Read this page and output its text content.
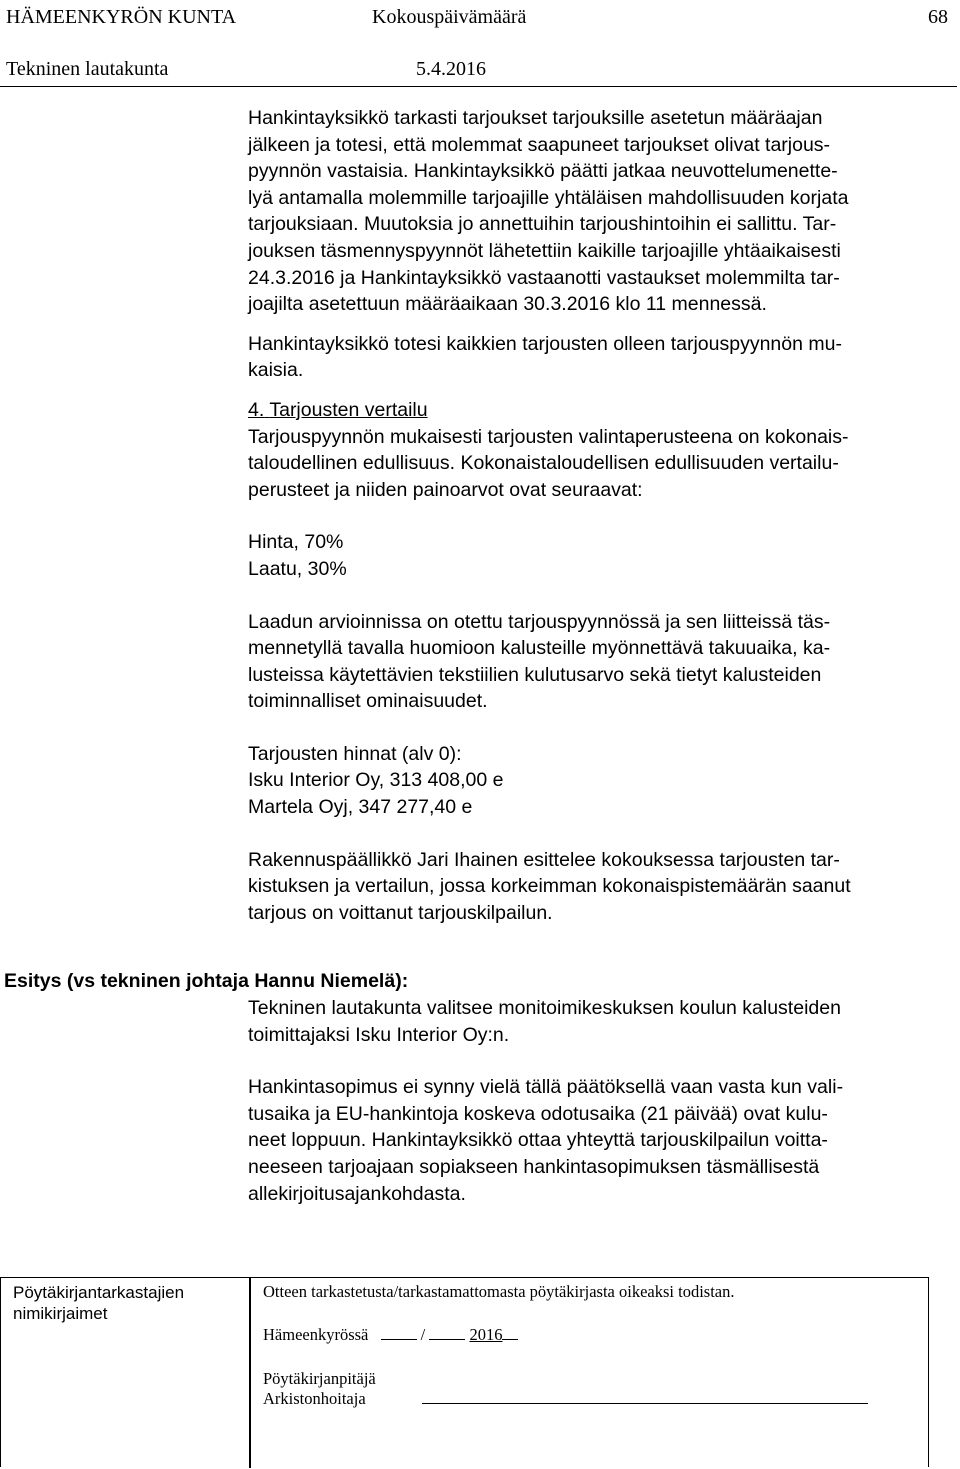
HÄMEENKYRÖN KUNTA	Kokouspäivämäärä	68
Tekninen lautakunta	5.4.2016

Hankintayksikkö tarkasti tarjoukset tarjouksille asetetun määräajan
jälkeen ja totesi, että molemmat saapuneet tarjoukset olivat tarjous-
pyynnön vastaisia. Hankintayksikkö päätti jatkaa neuvottelumenette-
lyä antamalla molemmille tarjoajille yhtäläisen mahdollisuuden korjata
tarjouksiaan. Muutoksia jo annettuihin tarjoushintoihin ei sallittu. Tar-
jouksen täsmennyspyynnöt lähetettiin kaikille tarjoajille yhtäaikaisesti
24.3.2016 ja Hankintayksikkö vastaanotti vastaukset molemmilta tar-
joajilta asetettuun määräaikaan 30.3.2016 klo 11 mennessä.

Hankintayksikkö totesi kaikkien tarjousten olleen tarjouspyynnön mu-
kaisia.

4. Tarjousten vertailu

Tarjouspyynnön mukaisesti tarjousten valintaperusteena on kokonais-
taloudellinen edullisuus. Kokonaistaloudellisen edullisuuden vertailu-
perusteet ja niiden painoarvot ovat seuraavat:

Hinta, 70%
Laatu, 30%

Laadun arvioinnissa on otettu tarjouspyynnössä ja sen liitteissä täs-
mennetyllä tavalla huomioon kalusteille myönnettävä takuuaika, ka-
lusteissa käytettävien tekstiilien kulutusarvo sekä tietyt kalusteiden
toiminnalliset ominaisuudet.

Tarjousten hinnat (alv 0):
Isku Interior Oy, 313 408,00 e
Martela Oyj, 347 277,40 e

Rakennuspäällikkö Jari Ihainen esittelee kokouksessa tarjousten tar-
kistuksen ja vertailun, jossa korkeimman kokonaispistemäärän saanut
tarjous on voittanut tarjouskilpailun.

Esitys (vs tekninen johtaja Hannu Niemelä):

Tekninen lautakunta valitsee monitoimikeskuksen koulun kalusteiden
toimittajaksi Isku Interior Oy:n.

Hankintasopimus ei synny vielä tällä päätöksellä vaan vasta kun vali-
tusaika ja EU-hankintoja koskeva odotusaika (21 päivää) ovat kulu-
neet loppuun. Hankintayksikkö ottaa yhteyttä tarjouskilpailun voitta-
neeseen tarjoajaan sopiakseen hankintasopimuksen täsmällisestä
allekirjoitusajankohdasta.

Pöytäkirjantarkastajien
nimikirjaimet
Otteen tarkastetusta/tarkastamattomasta pöytäkirjasta oikeaksi todistan.
Hämeenkyrössä	/	2016
Pöytäkirjanpitäjä
Arkistonhoitaja
